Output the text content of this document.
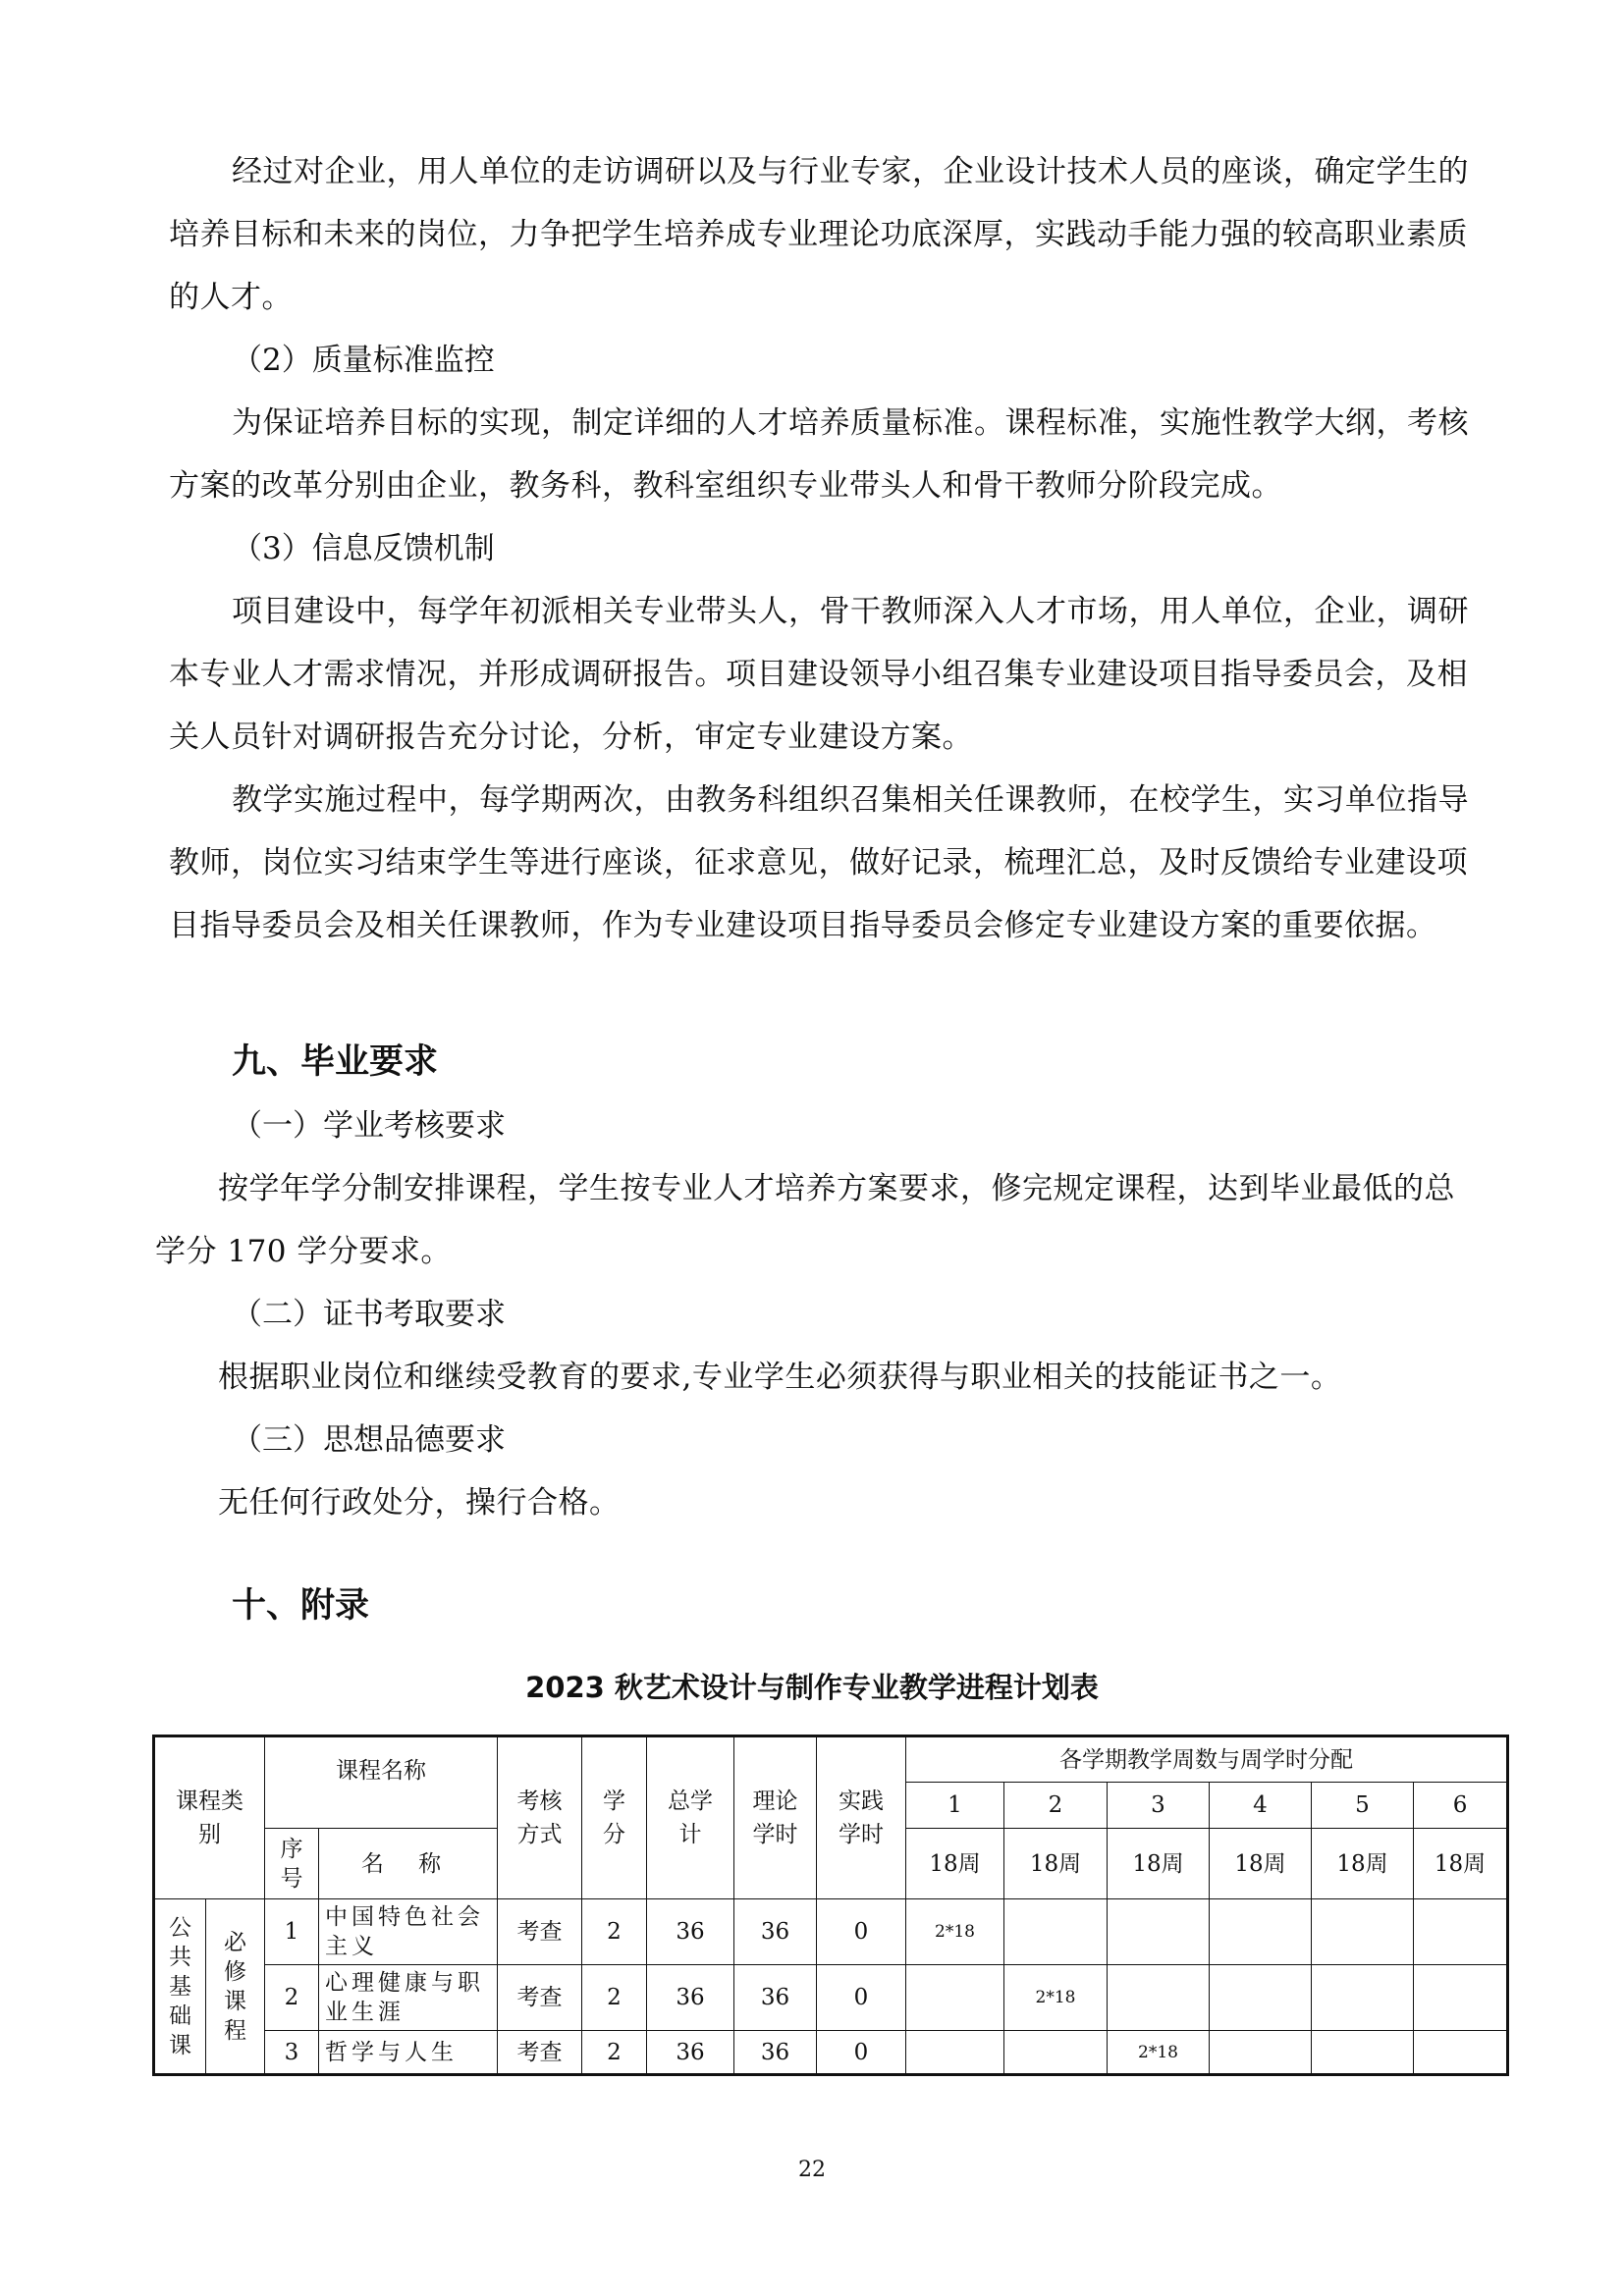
经过对企业，用人单位的走访调研以及与行业专家，企业设计技术人员的座谈，确定学生的培养目标和未来的岗位，力争把学生培养成专业理论功底深厚，实践动手能力强的较高职业素质的人才。
（2）质量标准监控
为保证培养目标的实现，制定详细的人才培养质量标准。课程标准，实施性教学大纲，考核方案的改革分别由企业，教务科，教科室组织专业带头人和骨干教师分阶段完成。
（3）信息反馈机制
项目建设中，每学年初派相关专业带头人，骨干教师深入人才市场，用人单位，企业，调研本专业人才需求情况，并形成调研报告。项目建设领导小组召集专业建设项目指导委员会，及相关人员针对调研报告充分讨论，分析，审定专业建设方案。
教学实施过程中，每学期两次，由教务科组织召集相关任课教师，在校学生，实习单位指导教师，岗位实习结束学生等进行座谈，征求意见，做好记录，梳理汇总，及时反馈给专业建设项目指导委员会及相关任课教师，作为专业建设项目指导委员会修定专业建设方案的重要依据。
九、毕业要求
（一）学业考核要求
按学年学分制安排课程，学生按专业人才培养方案要求，修完规定课程，达到毕业最低的总学分 170 学分要求。
（二）证书考取要求
根据职业岗位和继续受教育的要求,专业学生必须获得与职业相关的技能证书之一。
（三）思想品德要求
无任何行政处分，操行合格。
十、附录
2023 秋艺术设计与制作专业教学进程计划表
课程类别		课程名称		考核方式	学分	总学计	理论学时	实践学时	各学期教学周数与周学时分配					
									1	2	3	4	5	6

		序号	名 称						18周	18周	18周	18周	18周	18周

公共基础课	必修课程	1	中国特色社会主义	考查	2	36	36	0	2*18					
		2	心理健康与职业生涯	考查	2	36	36	0		2*18				
		3	哲学与人生	考查	2	36	36	0			2*18			
22
